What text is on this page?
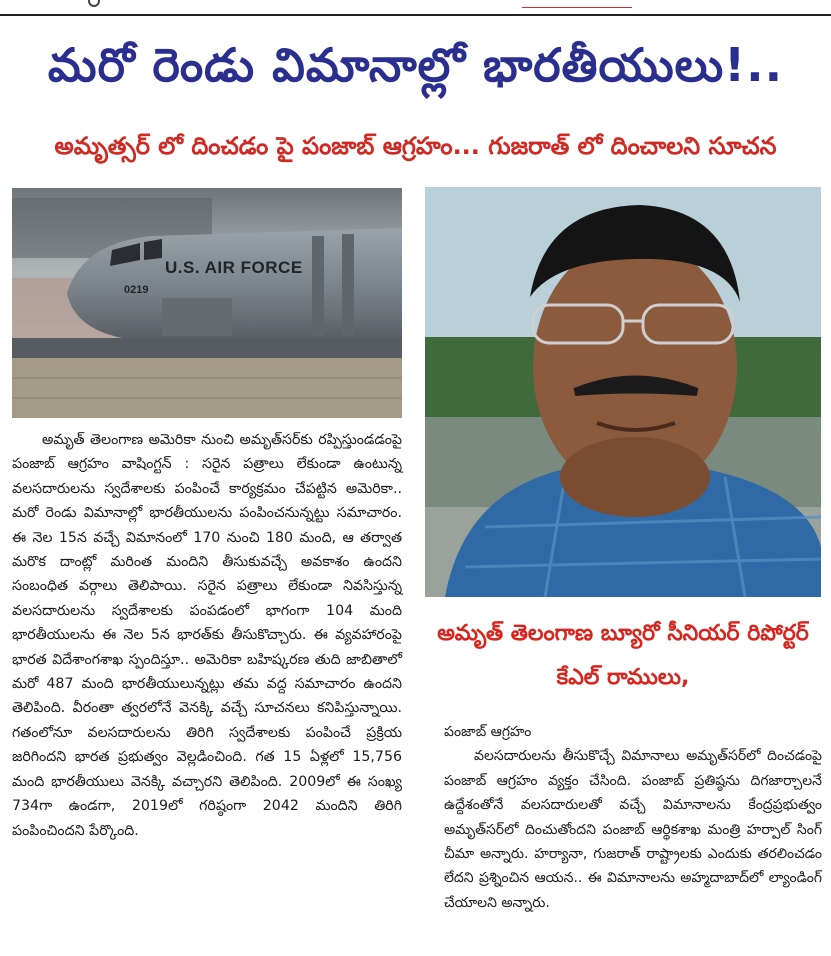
మరో రెండు విమానాల్లో భారతీయులు!..
అమృత్సర్ లో దించడం పై పంజాబ్ ఆగ్రహం... గుజరాత్ లో దించాలని సూచన
U.S. AIR FORCE
0219

అమృత్ తెలంగాణ అమెరికా నుంచి అమృత్‌సర్‌కు రప్పిస్తుండడంపై పంజాబ్ ఆగ్రహం వాషింగ్టన్ : సరైన పత్రాలు లేకుండా ఉంటున్న వలసదారులను స్వదేశాలకు పంపించే కార్యక్రమం చేపట్టిన అమెరికా.. మరో రెండు విమానాల్లో భారతీయులను పంపించనున్నట్టు సమాచారం. ఈ నెల 15న వచ్చే విమానంలో 170 నుంచి 180 మంది, ఆ తర్వాత మరొక దాంట్లో మరింత మందిని తీసుకువచ్చే అవకాశం ఉందని సంబంధిత వర్గాలు తెలిపాయి. సరైన పత్రాలు లేకుండా నివసిస్తున్న వలసదారులను స్వదేశాలకు పంపడంలో భాగంగా 104 మంది భారతీయులను ఈ నెల 5న భారత్‌కు తీసుకొచ్చారు. ఈ వ్యవహారంపై భారత విదేశాంగశాఖ స్పందిస్తూ.. అమెరికా బహిష్కరణ తుది జాబితాలో మరో 487 మంది భారతీయులున్నట్లు తమ వద్ద సమాచారం ఉందని తెలిపింది. వీరంతా త్వరలోనే వెనక్కి వచ్చే సూచనలు కనిపిస్తున్నాయి. గతంలోనూ వలసదారులను తిరిగి స్వదేశాలకు పంపించే ప్రక్రియ జరిగిందని భారత ప్రభుత్వం వెల్లడించింది. గత 15 ఏళ్లలో 15,756 మంది భారతీయులు వెనక్కి వచ్చారని తెలిపింది. 2009లో ఈ సంఖ్య 734గా ఉండగా, 2019లో గరిష్ఠంగా 2042 మందిని తిరిగి పంపించిందని పేర్కొంది.

అమృత్ తెలంగాణ బ్యూరో సీనియర్ రిపోర్టర్ కేఎల్ రాములు,
పంజాబ్ ఆగ్రహం

వలసదారులను తీసుకొచ్చే విమానాలు అమృత్‌సర్‌లో దించడంపై పంజాబ్ ఆగ్రహం వ్యక్తం చేసింది. పంజాబ్ ప్రతిష్ఠను దిగజార్చాలనే ఉద్దేశంతోనే వలసదారులతో వచ్చే విమానాలను కేంద్రప్రభుత్వం అమృత్‌సర్‌లో దించుతోందని పంజాబ్ ఆర్థికశాఖ మంత్రి హర్పాల్ సింగ్ చీమా అన్నారు. హర్యానా, గుజరాత్ రాష్ట్రాలకు ఎందుకు తరలించడం లేదని ప్రశ్నించిన ఆయన.. ఈ విమానాలను అహ్మదాబాద్‌లో ల్యాండింగ్ చేయాలని అన్నారు.
